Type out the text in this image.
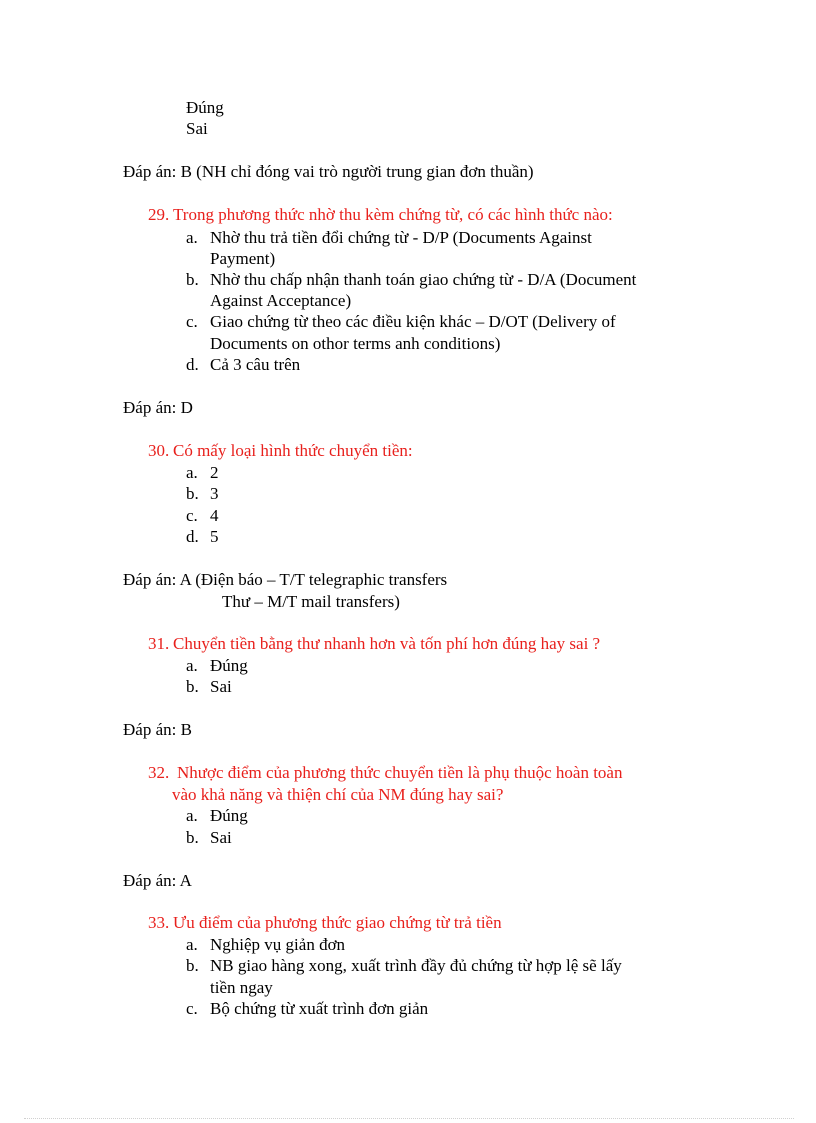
Đúng
Sai
Đáp án: B (NH chỉ đóng vai trò người trung gian đơn thuần)
29. Trong phương thức nhờ thu kèm chứng từ, có các hình thức nào:
a. Nhờ thu trả tiền đổi chứng từ - D/P (Documents Against
Payment)
b. Nhờ thu chấp nhận thanh toán giao chứng từ - D/A (Document
Against Acceptance)
c. Giao chứng từ theo các điều kiện khác – D/OT (Delivery of
Documents on othor terms anh conditions)
d. Cả 3 câu trên
Đáp án: D
30. Có mấy loại hình thức chuyển tiền:
a. 2
b. 3
c. 4
d. 5
Đáp án: A (Điện báo – T/T telegraphic transfers
Thư – M/T mail transfers)
31. Chuyển tiền bằng thư nhanh hơn và tốn phí hơn đúng hay sai ?
a. Đúng
b. Sai
Đáp án: B
32. Nhược điểm của phương thức chuyển tiền là phụ thuộc hoàn toàn
vào khả năng và thiện chí của NM đúng hay sai?
a. Đúng
b. Sai
Đáp án: A
33. Ưu điểm của phương thức giao chứng từ trả tiền
a. Nghiệp vụ giản đơn
b. NB giao hàng xong, xuất trình đầy đủ chứng từ hợp lệ sẽ lấy
tiền ngay
c. Bộ chứng từ xuất trình đơn giản
